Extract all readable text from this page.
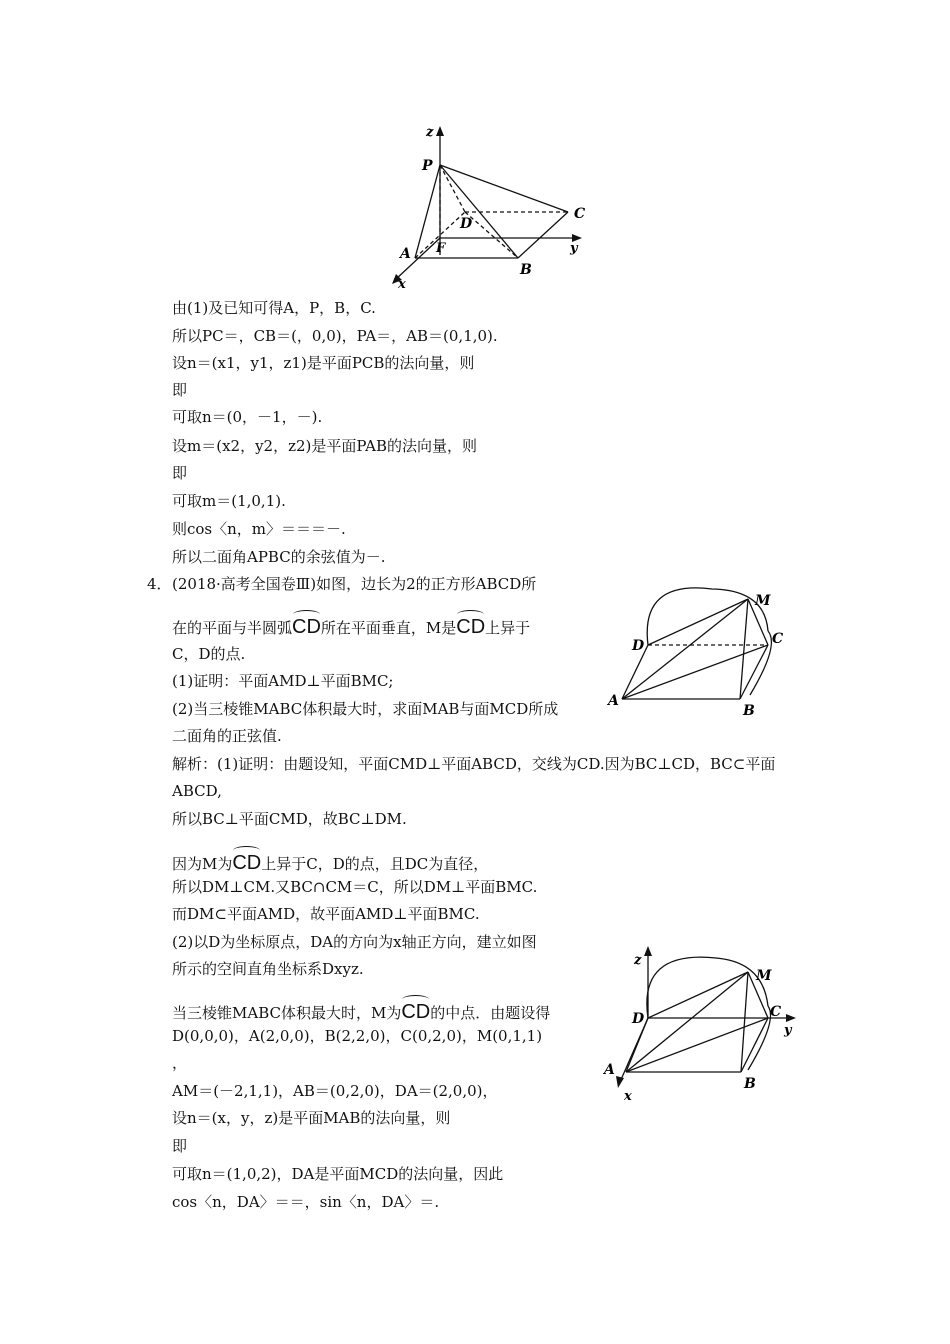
z
P
C
D
y
A F
B
x
由(1)及已知可得A，P，B，C.
所以PC＝，CB＝(，0,0)，PA＝，AB＝(0,1,0).
设n＝(x1，y1，z1)是平面PCB的法向量，则
即
可取n＝(0，－1，－).
设m＝(x2，y2，z2)是平面PAB的法向量，则
即
可取m＝(1,0,1).
则cos〈n，m〉＝＝＝－.
所以二面角APBC的余弦值为－.
4． (2018·高考全国卷Ⅲ)如图，边长为2的正方形ABCD所
在的平面与半圆弧
CD所在平面垂直，M是
CD上异于
C，D的点.
(1)证明：平面AMD⊥平面BMC;
(2)当三棱锥MABC体积最大时，求面MAB与面MCD所成
二面角的正弦值.
M
D	C
A
B
解析：(1)证明：由题设知，平面CMD⊥平面ABCD，交线为CD.因为BC⊥CD，BC⊂平面
ABCD,
所以BC⊥平面CMD，故BC⊥DM.
因为M为
CD上异于C，D的点，且DC为直径，
所以DM⊥CM.又BC∩CM＝C，所以DM⊥平面BMC.
而DM⊂平面AMD，故平面AMD⊥平面BMC.
(2)以D为坐标原点，DA的方向为x轴正方向，建立如图
所示的空间直角坐标系Dxyz.
当三棱锥MABC体积最大时，M为
CD的中点．由题设得
D(0,0,0)，A(2,0,0)，B(2,2,0)，C(0,2,0)，M(0,1,1)
，
AM＝(－2,1,1)，AB＝(0,2,0)，DA＝(2,0,0)，
设n＝(x，y，z)是平面MAB的法向量，则
即
可取n＝(1,0,2)，DA是平面MCD的法向量，因此
cos〈n，DA〉＝＝，sin〈n，DA〉＝.
z
M
D	C
y
A
x
B
